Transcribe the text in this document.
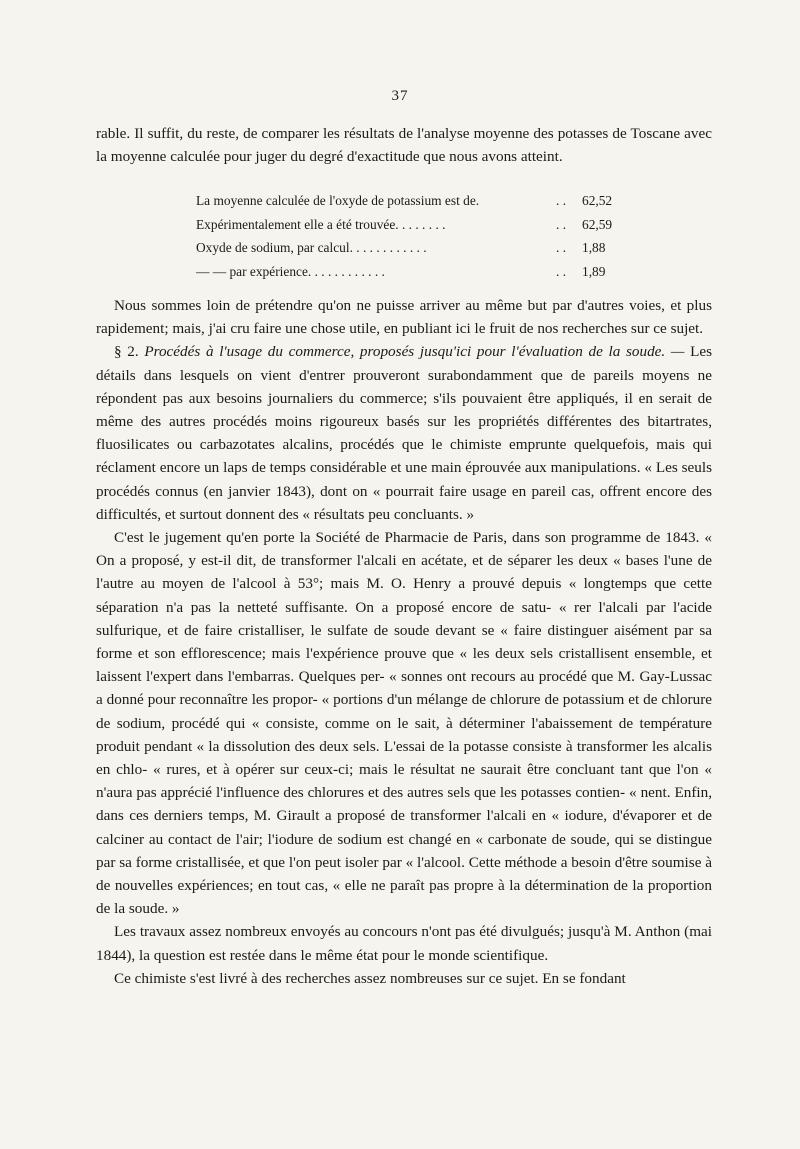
37

rable. Il suffit, du reste, de comparer les résultats de l'analyse moyenne des potasses de Toscane avec la moyenne calculée pour juger du degré d'exactitude que nous avons atteint.

La moyenne calculée de l'oxyde de potassium est de.	. .	62,52
Expérimentalement elle a été trouvée. . . . . . . .	. .	62,59
Oxyde de sodium, par calcul. . . . . . . . . . . .	. .	1,88
— — par expérience. . . . . . . . . . . .	. .	1,89

Nous sommes loin de prétendre qu'on ne puisse arriver au même but par d'autres voies, et plus rapidement; mais, j'ai cru faire une chose utile, en publiant ici le fruit de nos recherches sur ce sujet.

§ 2. Procédés à l'usage du commerce, proposés jusqu'ici pour l'évaluation de la soude. — Les détails dans lesquels on vient d'entrer prouveront surabondamment que de pareils moyens ne répondent pas aux besoins journaliers du commerce; s'ils pouvaient être appliqués, il en serait de même des autres procédés moins rigoureux basés sur les propriétés différentes des bitartrates, fluosilicates ou carbazotates alcalins, procédés que le chimiste emprunte quelquefois, mais qui réclament encore un laps de temps considérable et une main éprouvée aux manipulations. « Les seuls procédés connus (en janvier 1843), dont on « pourrait faire usage en pareil cas, offrent encore des difficultés, et surtout donnent des « résultats peu concluants. »

C'est le jugement qu'en porte la Société de Pharmacie de Paris, dans son programme de 1843. « On a proposé, y est-il dit, de transformer l'alcali en acétate, et de séparer les deux « bases l'une de l'autre au moyen de l'alcool à 53°; mais M. O. Henry a prouvé depuis « longtemps que cette séparation n'a pas la netteté suffisante. On a proposé encore de satu- « rer l'alcali par l'acide sulfurique, et de faire cristalliser, le sulfate de soude devant se « faire distinguer aisément par sa forme et son efflorescence; mais l'expérience prouve que « les deux sels cristallisent ensemble, et laissent l'expert dans l'embarras. Quelques per- « sonnes ont recours au procédé que M. Gay-Lussac a donné pour reconnaître les propor- « portions d'un mélange de chlorure de potassium et de chlorure de sodium, procédé qui « consiste, comme on le sait, à déterminer l'abaissement de température produit pendant « la dissolution des deux sels. L'essai de la potasse consiste à transformer les alcalis en chlo- « rures, et à opérer sur ceux-ci; mais le résultat ne saurait être concluant tant que l'on « n'aura pas apprécié l'influence des chlorures et des autres sels que les potasses contien- « nent. Enfin, dans ces derniers temps, M. Girault a proposé de transformer l'alcali en « iodure, d'évaporer et de calciner au contact de l'air; l'iodure de sodium est changé en « carbonate de soude, qui se distingue par sa forme cristallisée, et que l'on peut isoler par « l'alcool. Cette méthode a besoin d'être soumise à de nouvelles expériences; en tout cas, « elle ne paraît pas propre à la détermination de la proportion de la soude. »

Les travaux assez nombreux envoyés au concours n'ont pas été divulgués; jusqu'à M. Anthon (mai 1844), la question est restée dans le même état pour le monde scientifique.

Ce chimiste s'est livré à des recherches assez nombreuses sur ce sujet. En se fondant
